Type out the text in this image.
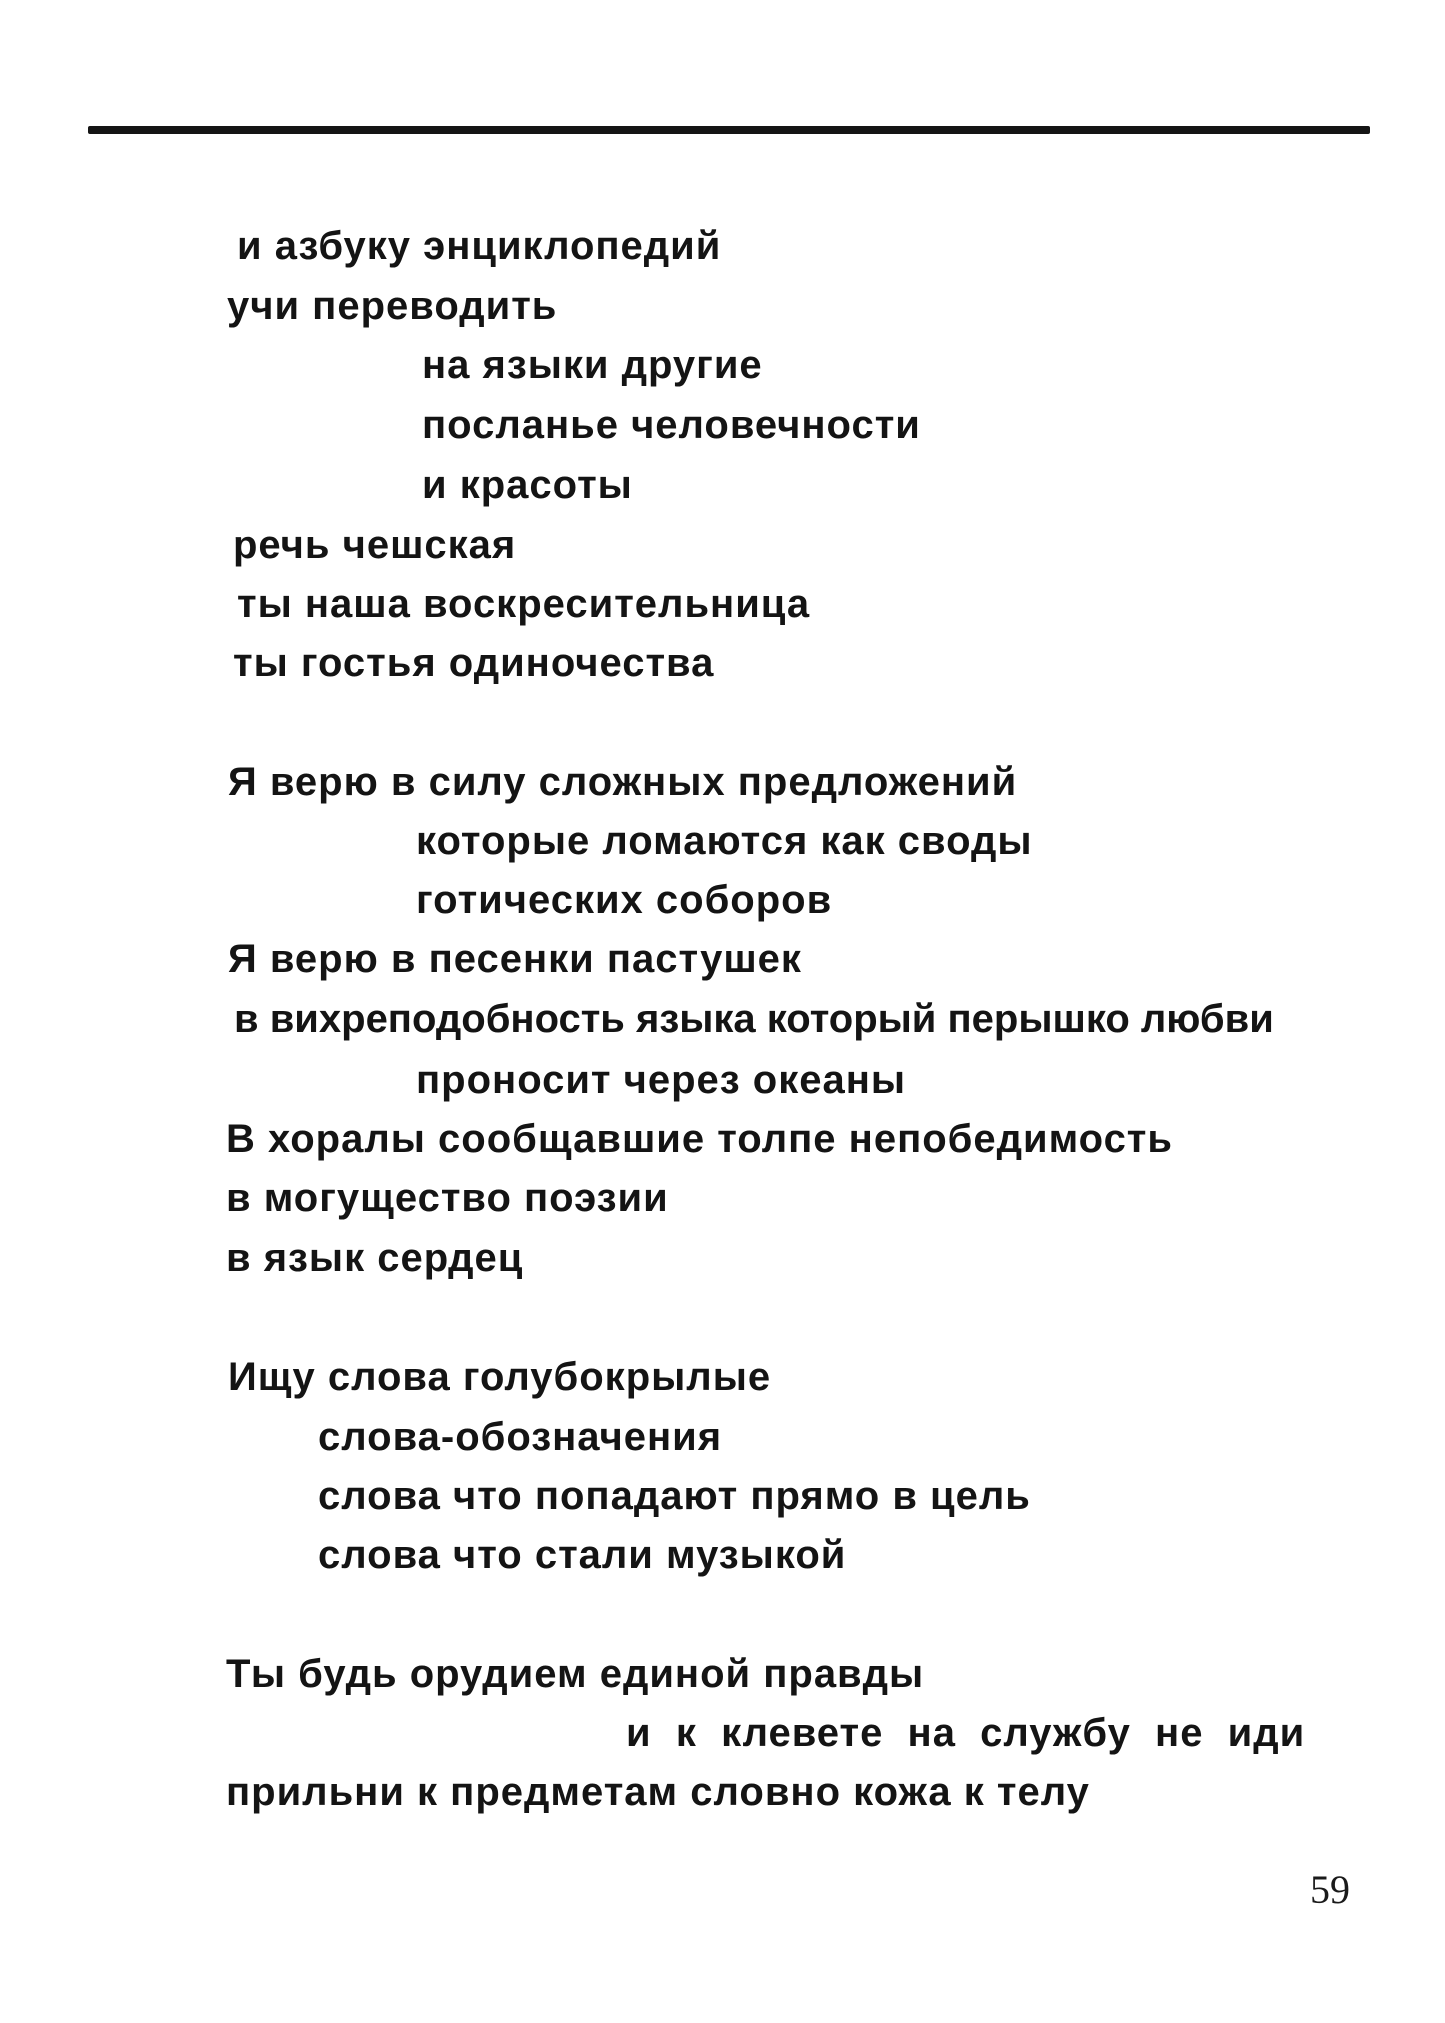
и азбуку энциклопедий
учи переводить
на языки другие
посланье человечности
и красоты
речь чешская
ты наша воскресительница
ты гостья одиночества
Я верю в силу сложных предложений
которые ломаются как своды
готических соборов
Я верю в песенки пастушек
в вихреподобность языка который перышко любви
проносит через океаны
В хоралы сообщавшие толпе непобедимость
в могущество поэзии
в язык сердец
Ищу слова голубокрылые
слова-обозначения
слова что попадают прямо в цель
слова что стали музыкой
Ты будь орудием единой правды
и  к  клевете  на  службу  не  иди
прильни к предметам словно кожа к телу
59
